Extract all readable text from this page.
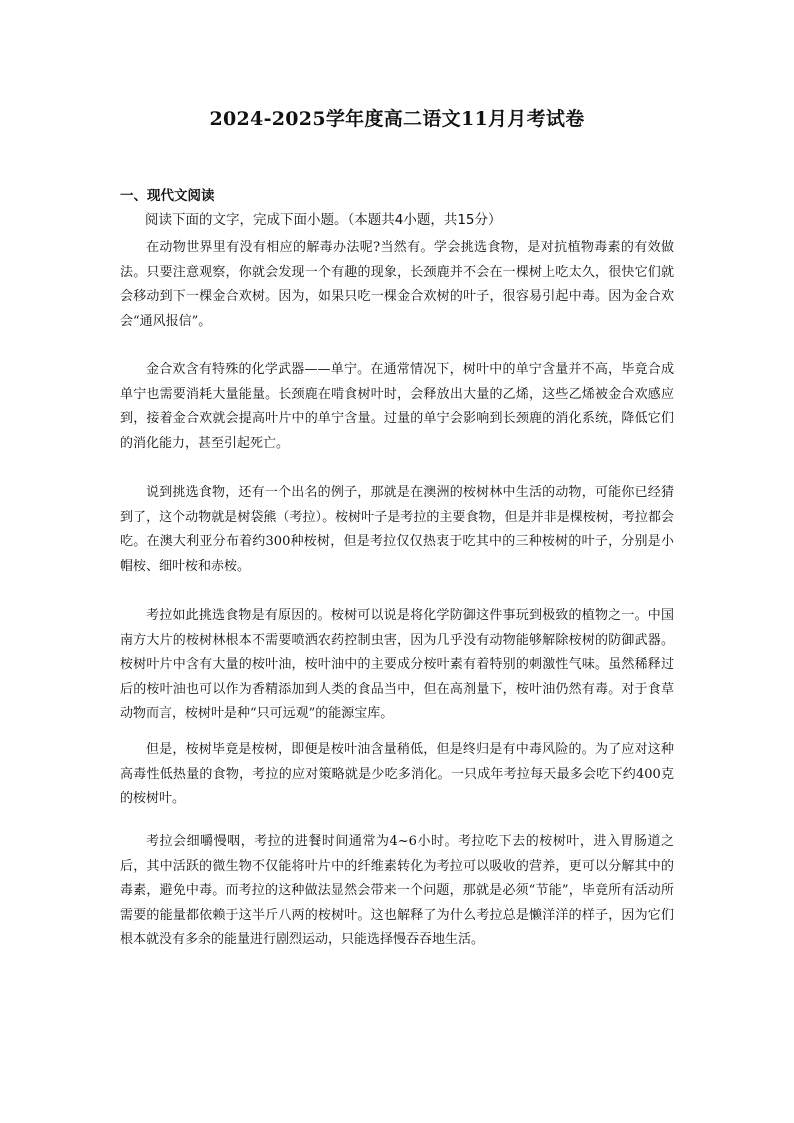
2024-2025学年度高二语文11月月考试卷
一、现代文阅读
阅读下面的文字，完成下面小题。（本题共4小题，共15分）

在动物世界里有没有相应的解毒办法呢?当然有。学会挑选食物，是对抗植物毒素的有效做法。只要注意观察，你就会发现一个有趣的现象，长颈鹿并不会在一棵树上吃太久，很快它们就会移动到下一棵金合欢树。因为，如果只吃一棵金合欢树的叶子，很容易引起中毒。因为金合欢会“通风报信”。

金合欢含有特殊的化学武器——单宁。在通常情况下，树叶中的单宁含量并不高，毕竟合成单宁也需要消耗大量能量。长颈鹿在啃食树叶时，会释放出大量的乙烯，这些乙烯被金合欢感应到，接着金合欢就会提高叶片中的单宁含量。过量的单宁会影响到长颈鹿的消化系统，降低它们的消化能力，甚至引起死亡。

说到挑选食物，还有一个出名的例子，那就是在澳洲的桉树林中生活的动物，可能你已经猜到了，这个动物就是树袋熊（考拉）。桉树叶子是考拉的主要食物，但是并非是棵桉树，考拉都会吃。在澳大利亚分布着约300种桉树，但是考拉仅仅热衷于吃其中的三种桉树的叶子，分别是小帽桉、细叶桉和赤桉。

考拉如此挑选食物是有原因的。桉树可以说是将化学防御这件事玩到极致的植物之一。中国南方大片的桉树林根本不需要喷洒农药控制虫害，因为几乎没有动物能够解除桉树的防御武器。桉树叶片中含有大量的桉叶油，桉叶油中的主要成分桉叶素有着特别的刺激性气味。虽然稀释过后的桉叶油也可以作为香精添加到人类的食品当中，但在高剂量下，桉叶油仍然有毒。对于食草动物而言，桉树叶是种“只可远观”的能源宝库。

但是，桉树毕竟是桉树，即便是桉叶油含量稍低，但是终归是有中毒风险的。为了应对这种高毒性低热量的食物，考拉的应对策略就是少吃多消化。一只成年考拉每天最多会吃下约400克的桉树叶。

考拉会细嚼慢咽，考拉的进餐时间通常为4~6小时。考拉吃下去的桉树叶，进入胃肠道之后，其中活跃的微生物不仅能将叶片中的纤维素转化为考拉可以吸收的营养，更可以分解其中的毒素，避免中毒。而考拉的这种做法显然会带来一个问题，那就是必须“节能”，毕竟所有活动所需要的能量都依赖于这半斤八两的桉树叶。这也解释了为什么考拉总是懒洋洋的样子，因为它们根本就没有多余的能量进行剧烈运动，只能选择慢吞吞地生活。
